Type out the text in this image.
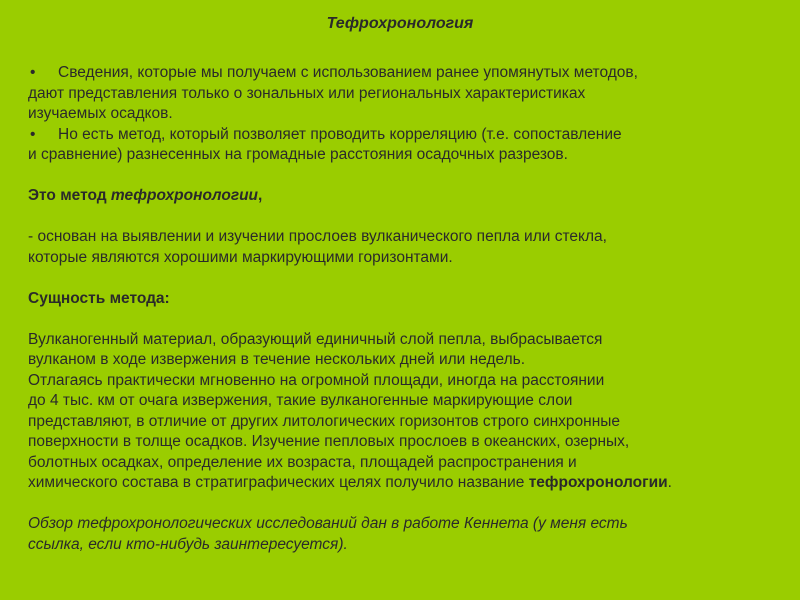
Тефрохронология
• Сведения, которые мы получаем с использованием ранее упомянутых методов,
дают представления только о зональных или региональных характеристиках
изучаемых осадков.
• Но есть метод, который позволяет проводить корреляцию (т.е. сопоставление
и сравнение) разнесенных на громадные расстояния осадочных разрезов.
Это метод тефрохронологии,
- основан на выявлении и изучении прослоев вулканического пепла или стекла,
которые являются хорошими маркирующими горизонтами.
Сущность метода:
Вулканогенный материал, образующий единичный слой пепла, выбрасывается
вулканом в ходе извержения в течение нескольких дней или недель.
Отлагаясь практически мгновенно на огромной площади, иногда на расстоянии
до 4 тыс. км от очага извержения, такие вулканогенные маркирующие слои
представляют, в отличие от других литологических горизонтов строго синхронные
поверхности в толще осадков. Изучение пепловых прослоев в океанских, озерных,
болотных осадках, определение их возраста, площадей распространения и
химического состава в стратиграфических целях получило название тефрохронологии.
Обзор тефрохронологических исследований дан в работе Кеннета (у меня есть
ссылка, если кто-нибудь заинтересуется).
